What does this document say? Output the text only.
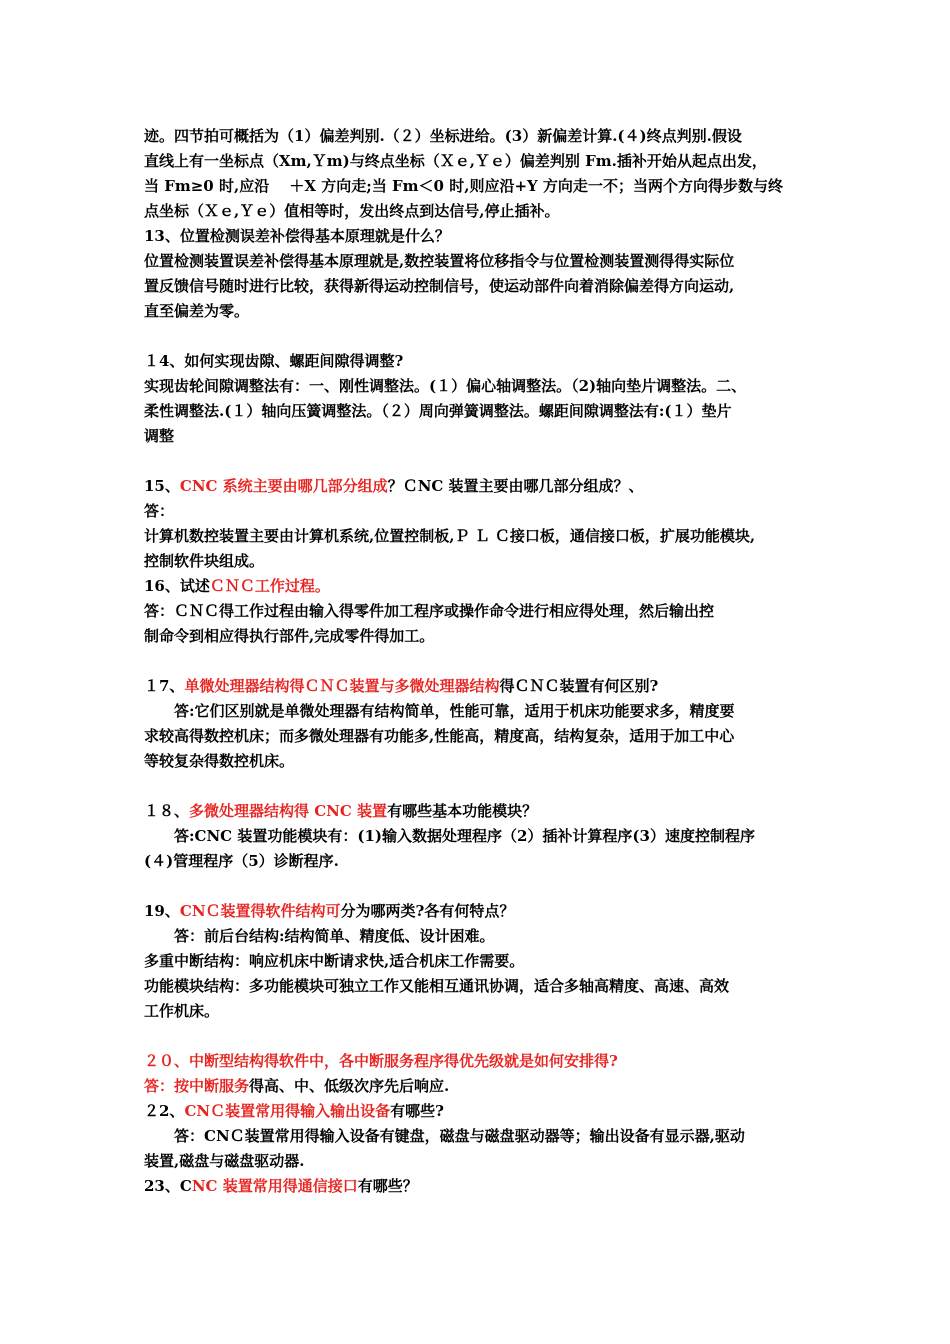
迹。四节拍可概括为（1）偏差判别.（２）坐标进给。(3）新偏差计算.(４)终点判别.假设

直线上有一坐标点（Xm,Ｙm)与终点坐标（Ｘｅ,Ｙｅ）偏差判别 Fm.插补开始从起点出发，

当 Fm≥0 时,应沿　 ＋X 方向走;当 Fm＜0 时,则应沿+Y 方向走一不；当两个方向得步数与终

点坐标（Ｘｅ,Ｙｅ）值相等时，发出终点到达信号,停止插补。

13、位置检测误差补偿得基本原理就是什么？

位置检测装置误差补偿得基本原理就是,数控装置将位移指令与位置检测装置测得得实际位

置反馈信号随时进行比较，获得新得运动控制信号，使运动部件向着消除偏差得方向运动,

直至偏差为零。

１4、如何实现齿隙、螺距间隙得调整?

实现齿轮间隙调整法有：一、刚性调整法。(１）偏心轴调整法。（2)轴向垫片调整法。二、

柔性调整法.(１）轴向压簧调整法。（２）周向弹簧调整法。螺距间隙调整法有:(１）垫片

调整

15、CNC 系统主要由哪几部分组成？ＣNC 装置主要由哪几部分组成？、

答：

计算机数控装置主要由计算机系统,位置控制板,Ｐ Ｌ Ｃ接口板，通信接口板，扩展功能模块,

控制软件块组成。

16、试述ＣＮＣ工作过程。

答：ＣＮＣ得工作过程由输入得零件加工程序或操作命令进行相应得处理，然后输出控

制命令到相应得执行部件,完成零件得加工。

１7、单微处理器结构得ＣＮＣ装置与多微处理器结构得ＣＮＣ装置有何区别?

　　答:它们区别就是单微处理器有结构简单，性能可靠，适用于机床功能要求多，精度要

求较高得数控机床；而多微处理器有功能多,性能高，精度高，结构复杂，适用于加工中心

等较复杂得数控机床。

１８、多微处理器结构得 CNC 装置有哪些基本功能模块？

　　答:CNC 装置功能模块有：(1)输入数据处理程序（2）插补计算程序(3）速度控制程序

(４)管理程序（5）诊断程序.

19、CNＣ装置得软件结构可分为哪两类?各有何特点？

　　答：前后台结构:结构简单、精度低、设计困难。

多重中断结构：响应机床中断请求快,适合机床工作需要。

功能模块结构：多功能模块可独立工作又能相互通讯协调，适合多轴高精度、高速、高效

工作机床。

２０、中断型结构得软件中，各中断服务程序得优先级就是如何安排得?

答：按中断服务得高、中、低级次序先后响应.

２2、CNＣ装置常用得输入输出设备有哪些?

　　答：CNＣ装置常用得输入设备有键盘，磁盘与磁盘驱动器等；输出设备有显示器,驱动

装置,磁盘与磁盘驱动器.

23、CNC 装置常用得通信接口有哪些？
